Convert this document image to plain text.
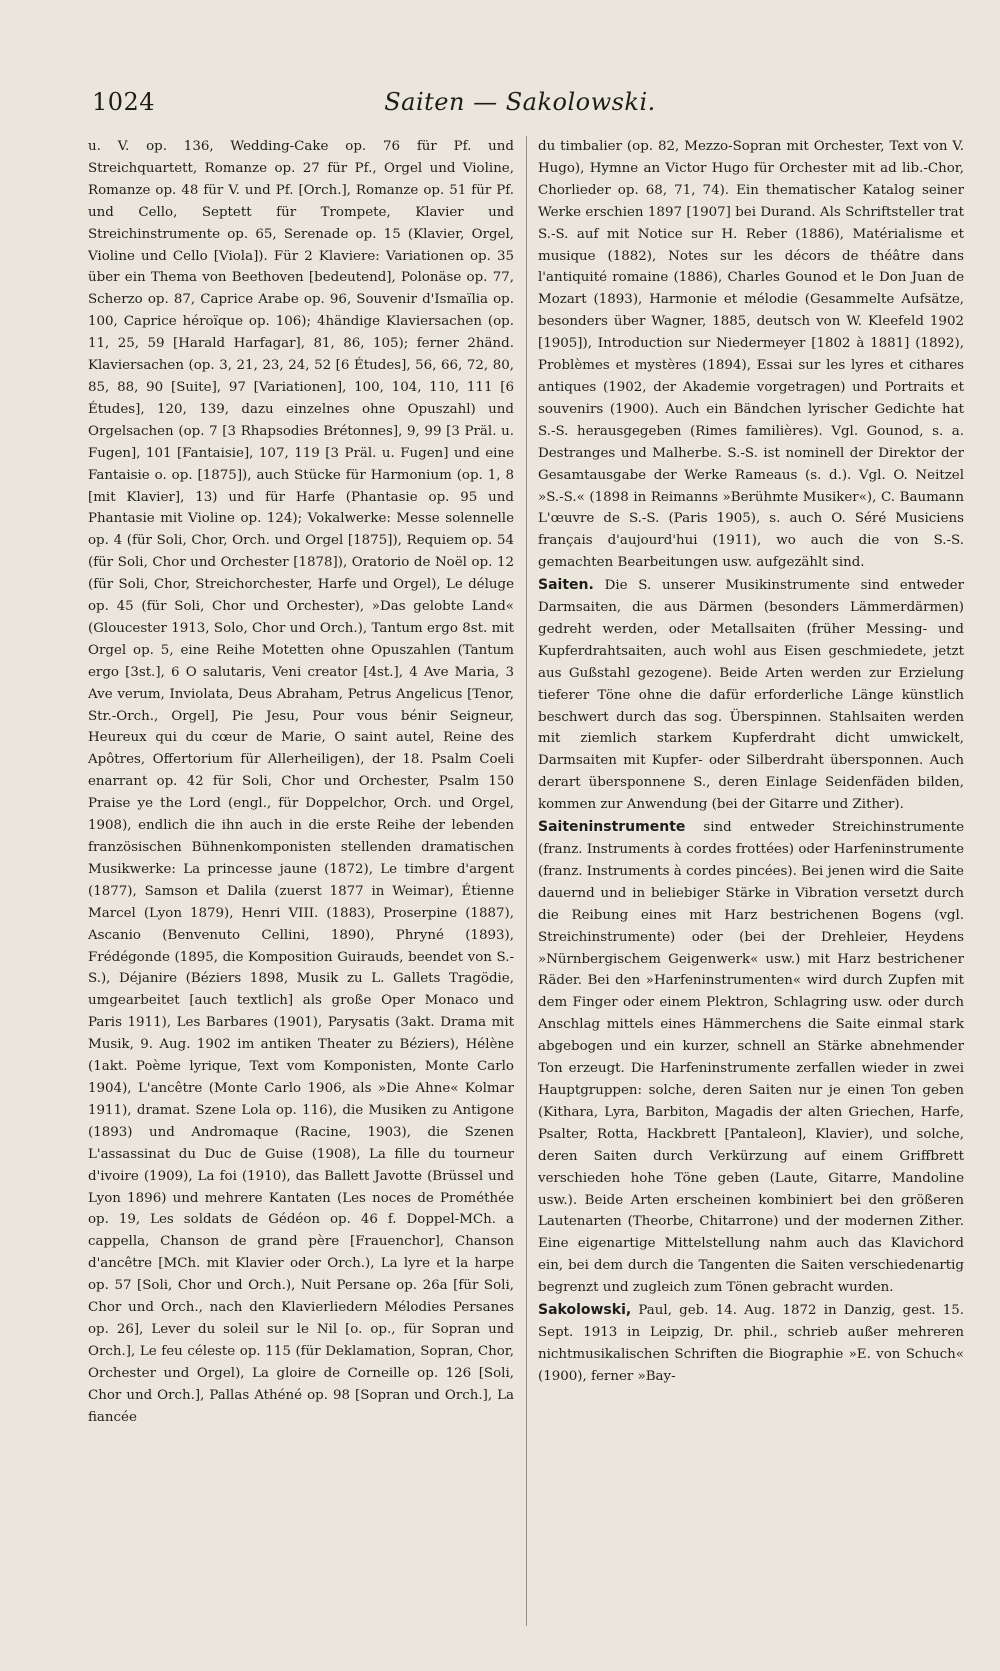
1024	Saiten — Sakolowski.

u. V. op. 136, Wedding-Cake op. 76 für Pf. und Streichquartett, Romanze op. 27 für Pf., Orgel und Violine, Romanze op. 48 für V. und Pf. [Orch.], Romanze op. 51 für Pf. und Cello, Septett für Trompete, Klavier und Streichinstrumente op. 65, Serenade op. 15 (Klavier, Orgel, Violine und Cello [Viola]). Für 2 Klaviere: Variationen op. 35 über ein Thema von Beethoven [bedeutend], Polonäse op. 77, Scherzo op. 87, Caprice Arabe op. 96, Souvenir d'Ismaïlia op. 100, Caprice héroïque op. 106); 4händige Klaviersachen (op. 11, 25, 59 [Harald Harfagar], 81, 86, 105); ferner 2händ. Klaviersachen (op. 3, 21, 23, 24, 52 [6 Études], 56, 66, 72, 80, 85, 88, 90 [Suite], 97 [Variationen], 100, 104, 110, 111 [6 Études], 120, 139, dazu einzelnes ohne Opuszahl) und Orgelsachen (op. 7 [3 Rhapsodies Brétonnes], 9, 99 [3 Präl. u. Fugen], 101 [Fantaisie], 107, 119 [3 Präl. u. Fugen] und eine Fantaisie o. op. [1875]), auch Stücke für Harmonium (op. 1, 8 [mit Klavier], 13) und für Harfe (Phantasie op. 95 und Phantasie mit Violine op. 124); Vokalwerke: Messe solennelle op. 4 (für Soli, Chor, Orch. und Orgel [1875]), Requiem op. 54 (für Soli, Chor und Orchester [1878]), Oratorio de Noël op. 12 (für Soli, Chor, Streichorchester, Harfe und Orgel), Le déluge op. 45 (für Soli, Chor und Orchester), »Das gelobte Land« (Gloucester 1913, Solo, Chor und Orch.), Tantum ergo 8st. mit Orgel op. 5, eine Reihe Motetten ohne Opuszahlen (Tantum ergo [3st.], 6 O salutaris, Veni creator [4st.], 4 Ave Maria, 3 Ave verum, Inviolata, Deus Abraham, Petrus Angelicus [Tenor, Str.-Orch., Orgel], Pie Jesu, Pour vous bénir Seigneur, Heureux qui du cœur de Marie, O saint autel, Reine des Apôtres, Offertorium für Allerheiligen), der 18. Psalm Coeli enarrant op. 42 für Soli, Chor und Orchester, Psalm 150 Praise ye the Lord (engl., für Doppelchor, Orch. und Orgel, 1908), endlich die ihn auch in die erste Reihe der lebenden französischen Bühnenkomponisten stellenden dramatischen Musikwerke: La princesse jaune (1872), Le timbre d'argent (1877), Samson et Dalila (zuerst 1877 in Weimar), Étienne Marcel (Lyon 1879), Henri VIII. (1883), Proserpine (1887), Ascanio (Benvenuto Cellini, 1890), Phryné (1893), Frédégonde (1895, die Komposition Guirauds, beendet von S.-S.), Déjanire (Béziers 1898, Musik zu L. Gallets Tragödie, umgearbeitet [auch textlich] als große Oper Monaco und Paris 1911), Les Barbares (1901), Parysatis (3akt. Drama mit Musik, 9. Aug. 1902 im antiken Theater zu Béziers), Hélène (1akt. Poème lyrique, Text vom Komponisten, Monte Carlo 1904), L'ancêtre (Monte Carlo 1906, als »Die Ahne« Kolmar 1911), dramat. Szene Lola op. 116), die Musiken zu Antigone (1893) und Andromaque (Racine, 1903), die Szenen L'assassinat du Duc de Guise (1908), La fille du tourneur d'ivoire (1909), La foi (1910), das Ballett Javotte (Brüssel und Lyon 1896) und mehrere Kantaten (Les noces de Prométhée op. 19, Les soldats de Gédéon op. 46 f. Doppel-MCh. a cappella, Chanson de grand père [Frauenchor], Chanson d'ancêtre [MCh. mit Klavier oder Orch.), La lyre et la harpe op. 57 [Soli, Chor und Orch.), Nuit Persane op. 26a [für Soli, Chor und Orch., nach den Klavierliedern Mélodies Persanes op. 26], Lever du soleil sur le Nil [o. op., für Sopran und Orch.], Le feu céleste op. 115 (für Deklamation, Sopran, Chor, Orchester und Orgel), La gloire de Corneille op. 126 [Soli, Chor und Orch.], Pallas Athéné op. 98 [Sopran und Orch.], La fiancée

du timbalier (op. 82, Mezzo-Sopran mit Orchester, Text von V. Hugo), Hymne an Victor Hugo für Orchester mit ad lib.-Chor, Chorlieder op. 68, 71, 74). Ein thematischer Katalog seiner Werke erschien 1897 [1907] bei Durand. Als Schriftsteller trat S.-S. auf mit Notice sur H. Reber (1886), Matérialisme et musique (1882), Notes sur les décors de théâtre dans l'antiquité romaine (1886), Charles Gounod et le Don Juan de Mozart (1893), Harmonie et mélodie (Gesammelte Aufsätze, besonders über Wagner, 1885, deutsch von W. Kleefeld 1902 [1905]), Introduction sur Niedermeyer [1802 à 1881] (1892), Problèmes et mystères (1894), Essai sur les lyres et cithares antiques (1902, der Akademie vorgetragen) und Portraits et souvenirs (1900). Auch ein Bändchen lyrischer Gedichte hat S.-S. herausgegeben (Rimes familières). Vgl. Gounod, s. a. Destranges und Malherbe. S.-S. ist nominell der Direktor der Gesamtausgabe der Werke Rameaus (s. d.). Vgl. O. Neitzel »S.-S.« (1898 in Reimanns »Berühmte Musiker«), C. Baumann L'œuvre de S.-S. (Paris 1905), s. auch O. Séré Musiciens français d'aujourd'hui (1911), wo auch die von S.-S. gemachten Bearbeitungen usw. aufgezählt sind.

Saiten. Die S. unserer Musikinstrumente sind entweder Darmsaiten, die aus Därmen (besonders Lämmerdärmen) gedreht werden, oder Metallsaiten (früher Messing- und Kupferdrahtsaiten, auch wohl aus Eisen geschmiedete, jetzt aus Gußstahl gezogene). Beide Arten werden zur Erzielung tieferer Töne ohne die dafür erforderliche Länge künstlich beschwert durch das sog. Überspinnen. Stahlsaiten werden mit ziemlich starkem Kupferdraht dicht umwickelt, Darmsaiten mit Kupfer- oder Silberdraht übersponnen. Auch derart übersponnene S., deren Einlage Seidenfäden bilden, kommen zur Anwendung (bei der Gitarre und Zither).

Saiteninstrumente sind entweder Streichinstrumente (franz. Instruments à cordes frottées) oder Harfeninstrumente (franz. Instruments à cordes pincées). Bei jenen wird die Saite dauernd und in beliebiger Stärke in Vibration versetzt durch die Reibung eines mit Harz bestrichenen Bogens (vgl. Streichinstrumente) oder (bei der Drehleier, Heydens »Nürnbergischem Geigenwerk« usw.) mit Harz bestrichener Räder. Bei den »Harfeninstrumenten« wird durch Zupfen mit dem Finger oder einem Plektron, Schlagring usw. oder durch Anschlag mittels eines Hämmerchens die Saite einmal stark abgebogen und ein kurzer, schnell an Stärke abnehmender Ton erzeugt. Die Harfeninstrumente zerfallen wieder in zwei Hauptgruppen: solche, deren Saiten nur je einen Ton geben (Kithara, Lyra, Barbiton, Magadis der alten Griechen, Harfe, Psalter, Rotta, Hackbrett [Pantaleon], Klavier), und solche, deren Saiten durch Verkürzung auf einem Griffbrett verschieden hohe Töne geben (Laute, Gitarre, Mandoline usw.). Beide Arten erscheinen kombiniert bei den größeren Lautenarten (Theorbe, Chitarrone) und der modernen Zither. Eine eigenartige Mittelstellung nahm auch das Klavichord ein, bei dem durch die Tangenten die Saiten verschiedenartig begrenzt und zugleich zum Tönen gebracht wurden.

Sakolowski, Paul, geb. 14. Aug. 1872 in Danzig, gest. 15. Sept. 1913 in Leipzig, Dr. phil., schrieb außer mehreren nichtmusikalischen Schriften die Biographie »E. von Schuch« (1900), ferner »Bay-
